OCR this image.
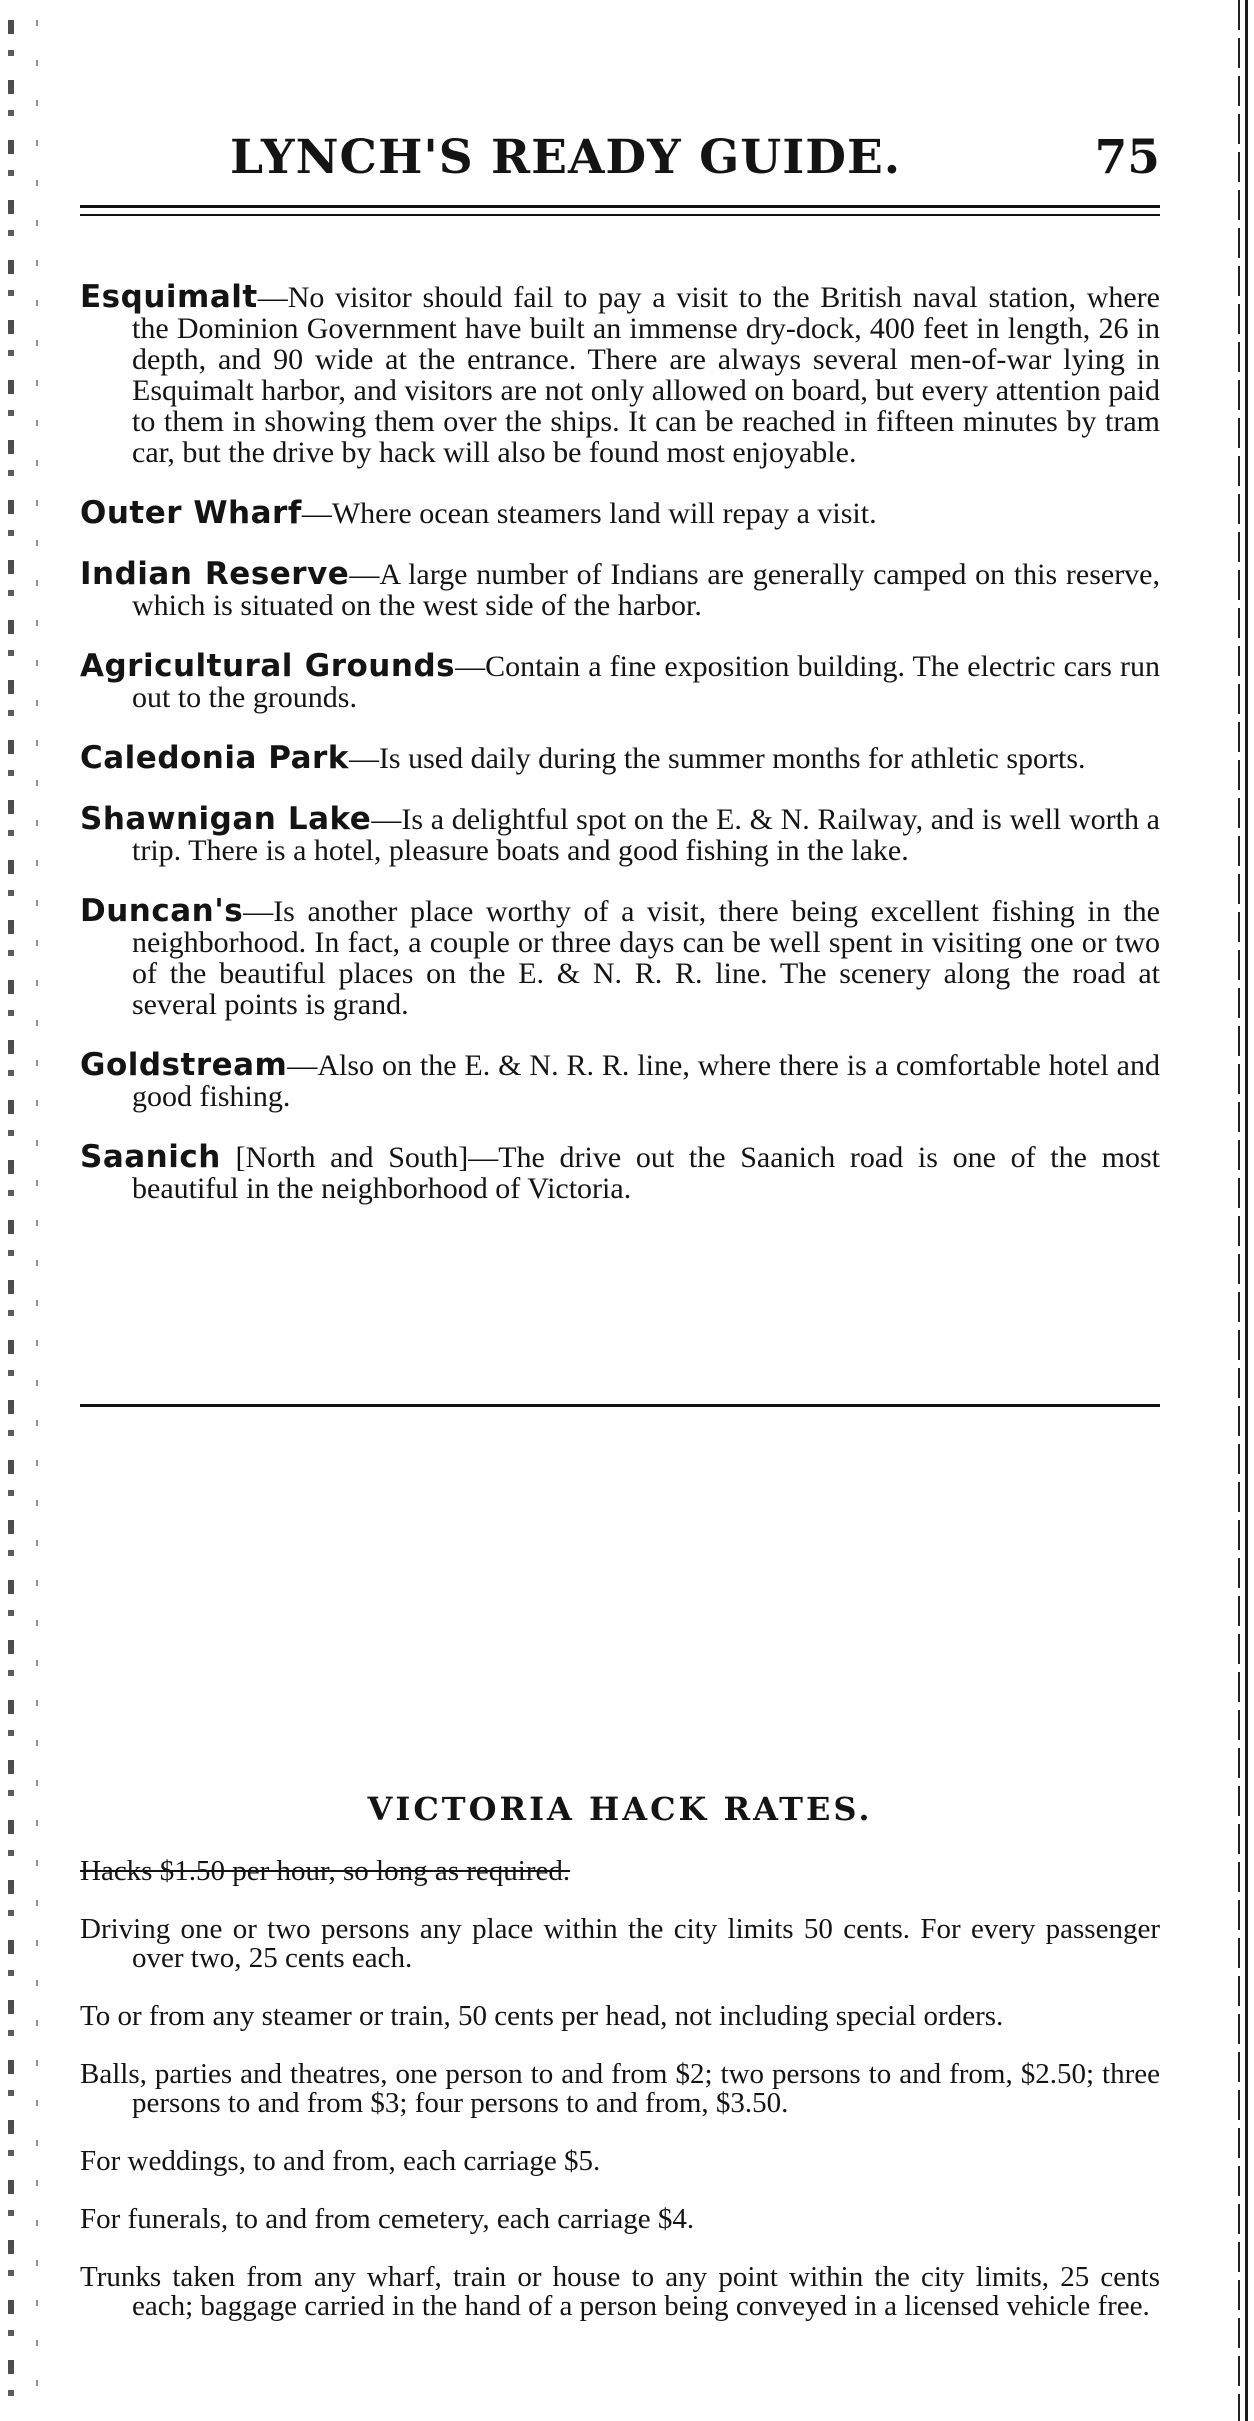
LYNCH'S READY GUIDE.	75

Esquimalt—No visitor should fail to pay a visit to the British naval station, where the Dominion Government have built an immense dry-dock, 400 feet in length, 26 in depth, and 90 wide at the entrance. There are always several men-of-war lying in Esquimalt harbor, and visitors are not only allowed on board, but every attention paid to them in showing them over the ships. It can be reached in fifteen minutes by tram car, but the drive by hack will also be found most enjoyable.

Outer Wharf—Where ocean steamers land will repay a visit.

Indian Reserve—A large number of Indians are generally camped on this reserve, which is situated on the west side of the harbor.

Agricultural Grounds—Contain a fine exposition building. The electric cars run out to the grounds.

Caledonia Park—Is used daily during the summer months for athletic sports.

Shawnigan Lake—Is a delightful spot on the E. & N. Railway, and is well worth a trip. There is a hotel, pleasure boats and good fishing in the lake.

Duncan's—Is another place worthy of a visit, there being excellent fishing in the neighborhood. In fact, a couple or three days can be well spent in visiting one or two of the beautiful places on the E. & N. R. R. line. The scenery along the road at several points is grand.

Goldstream—Also on the E. & N. R. R. line, where there is a comfortable hotel and good fishing.

Saanich [North and South]—The drive out the Saanich road is one of the most beautiful in the neighborhood of Victoria.

VICTORIA HACK RATES.

Hacks $1.50 per hour, so long as required.

Driving one or two persons any place within the city limits 50 cents. For every passenger over two, 25 cents each.

To or from any steamer or train, 50 cents per head, not including special orders.

Balls, parties and theatres, one person to and from $2; two persons to and from, $2.50; three persons to and from $3; four persons to and from, $3.50.

For weddings, to and from, each carriage $5.

For funerals, to and from cemetery, each carriage $4.

Trunks taken from any wharf, train or house to any point within the city limits, 25 cents each; baggage carried in the hand of a person being conveyed in a licensed vehicle free.
